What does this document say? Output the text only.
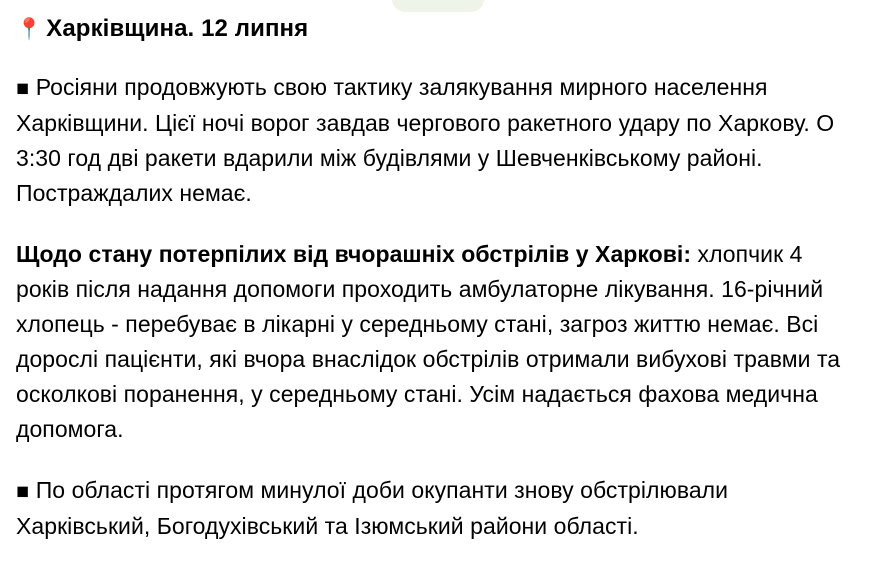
📍 Харківщина. 12 липня

◼ Росіяни продовжують свою тактику залякування мирного населення Харківщини. Цієї ночі ворог завдав чергового ракетного удару по Харкову. О 3:30 год дві ракети вдарили між будівлями у Шевченківському районі. Постраждалих немає.

Щодо стану потерпілих від вчорашніх обстрілів у Харкові: хлопчик 4 років після надання допомоги проходить амбулаторне лікування. 16-річний хлопець - перебуває в лікарні у середньому стані, загроз життю немає. Всі дорослі пацієнти, які вчора внаслідок обстрілів отримали вибухові травми та осколкові поранення, у середньому стані. Усім надається фахова медична допомога.

◼ По області протягом минулої доби окупанти знову обстрілювали Харківський, Богодухівський та Ізюмський райони області.
